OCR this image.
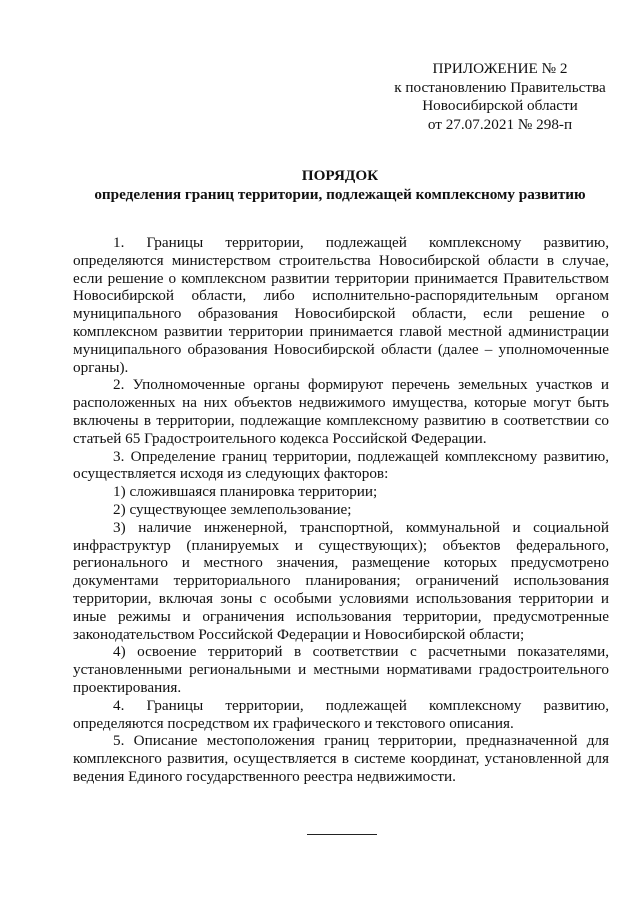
ПРИЛОЖЕНИЕ № 2
к постановлению Правительства
Новосибирской области
от 27.07.2021 № 298-п
ПОРЯДОК
определения границ территории, подлежащей комплексному развитию

1. Границы территории, подлежащей комплексному развитию, определяются министерством строительства Новосибирской области в случае, если решение о комплексном развитии территории принимается Правительством Новосибирской области, либо исполнительно-распорядительным органом муниципального образования Новосибирской области, если решение о комплексном развитии территории принимается главой местной администрации муниципального образования Новосибирской области (далее – уполномоченные органы).

2. Уполномоченные органы формируют перечень земельных участков и расположенных на них объектов недвижимого имущества, которые могут быть включены в территории, подлежащие комплексному развитию в соответствии со статьей 65 Градостроительного кодекса Российской Федерации.

3. Определение границ территории, подлежащей комплексному развитию, осуществляется исходя из следующих факторов:

1) сложившаяся планировка территории;

2) существующее землепользование;

3) наличие инженерной, транспортной, коммунальной и социальной инфраструктур (планируемых и существующих); объектов федерального, регионального и местного значения, размещение которых предусмотрено документами территориального планирования; ограничений использования территории, включая зоны с особыми условиями использования территории и иные режимы и ограничения использования территории, предусмотренные законодательством Российской Федерации и Новосибирской области;

4) освоение территорий в соответствии с расчетными показателями, установленными региональными и местными нормативами градостроительного проектирования.

4. Границы территории, подлежащей комплексному развитию, определяются посредством их графического и текстового описания.

5. Описание местоположения границ территории, предназначенной для комплексного развития, осуществляется в системе координат, установленной для ведения Единого государственного реестра недвижимости.
